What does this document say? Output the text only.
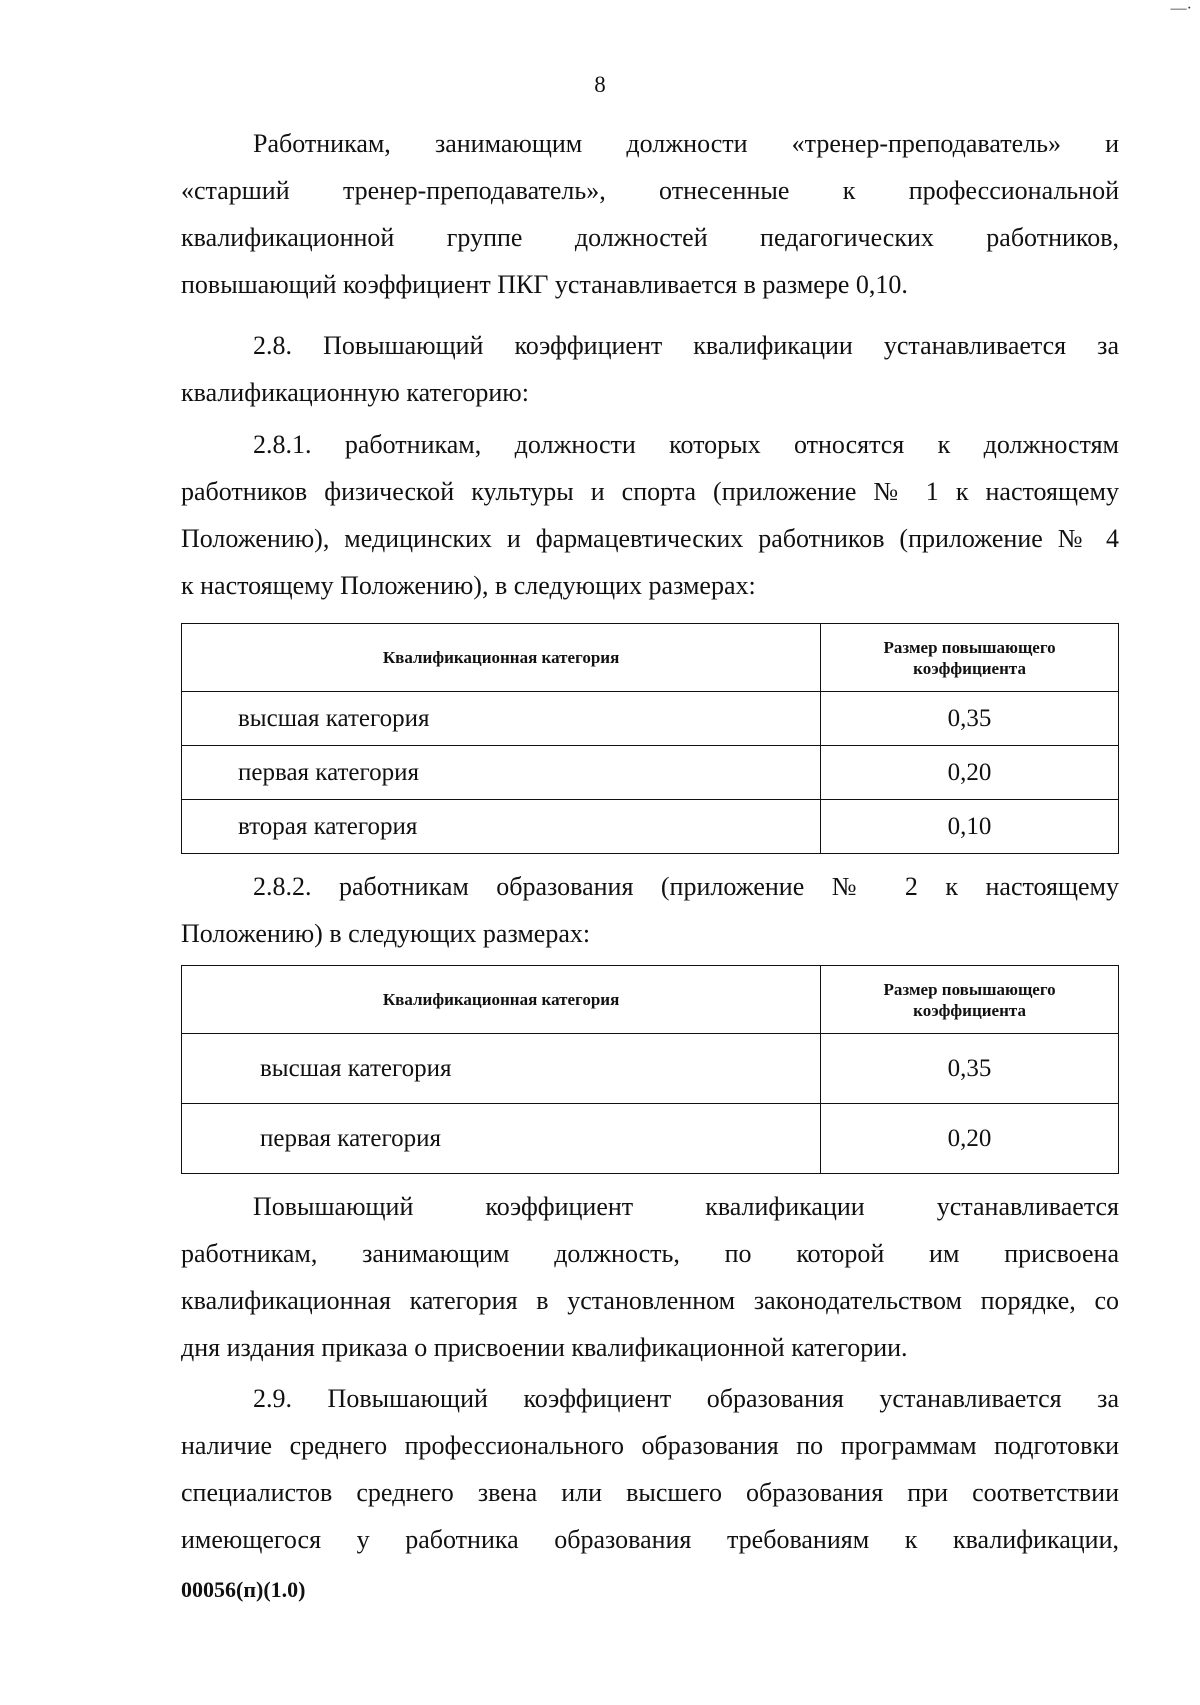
—·
8
Работникам, занимающим должности «тренер-преподаватель» и
«старший тренер-преподаватель», отнесенные к профессиональной
квалификационной группе должностей педагогических работников,
повышающий коэффициент ПКГ устанавливается в размере 0,10.
2.8. Повышающий коэффициент квалификации устанавливается за
квалификационную категорию:
2.8.1. работникам, должности которых относятся к должностям
работников физической культуры и спорта (приложение № 1 к настоящему
Положению), медицинских и фармацевтических работников (приложение № 4
к настоящему Положению), в следующих размерах:
Квалификационная категория	Размер повышающего коэффициента
высшая категория	0,35
первая категория	0,20
вторая категория	0,10
2.8.2. работникам образования (приложение № 2 к настоящему
Положению) в следующих размерах:
Квалификационная категория	Размер повышающего коэффициента
высшая категория	0,35
первая категория	0,20
Повышающий коэффициент квалификации устанавливается
работникам, занимающим должность, по которой им присвоена
квалификационная категория в установленном законодательством порядке, со
дня издания приказа о присвоении квалификационной категории.
2.9. Повышающий коэффициент образования устанавливается за
наличие среднего профессионального образования по программам подготовки
специалистов среднего звена или высшего образования при соответствии
имеющегося у работника образования требованиям к квалификации,
00056(п)(1.0)
